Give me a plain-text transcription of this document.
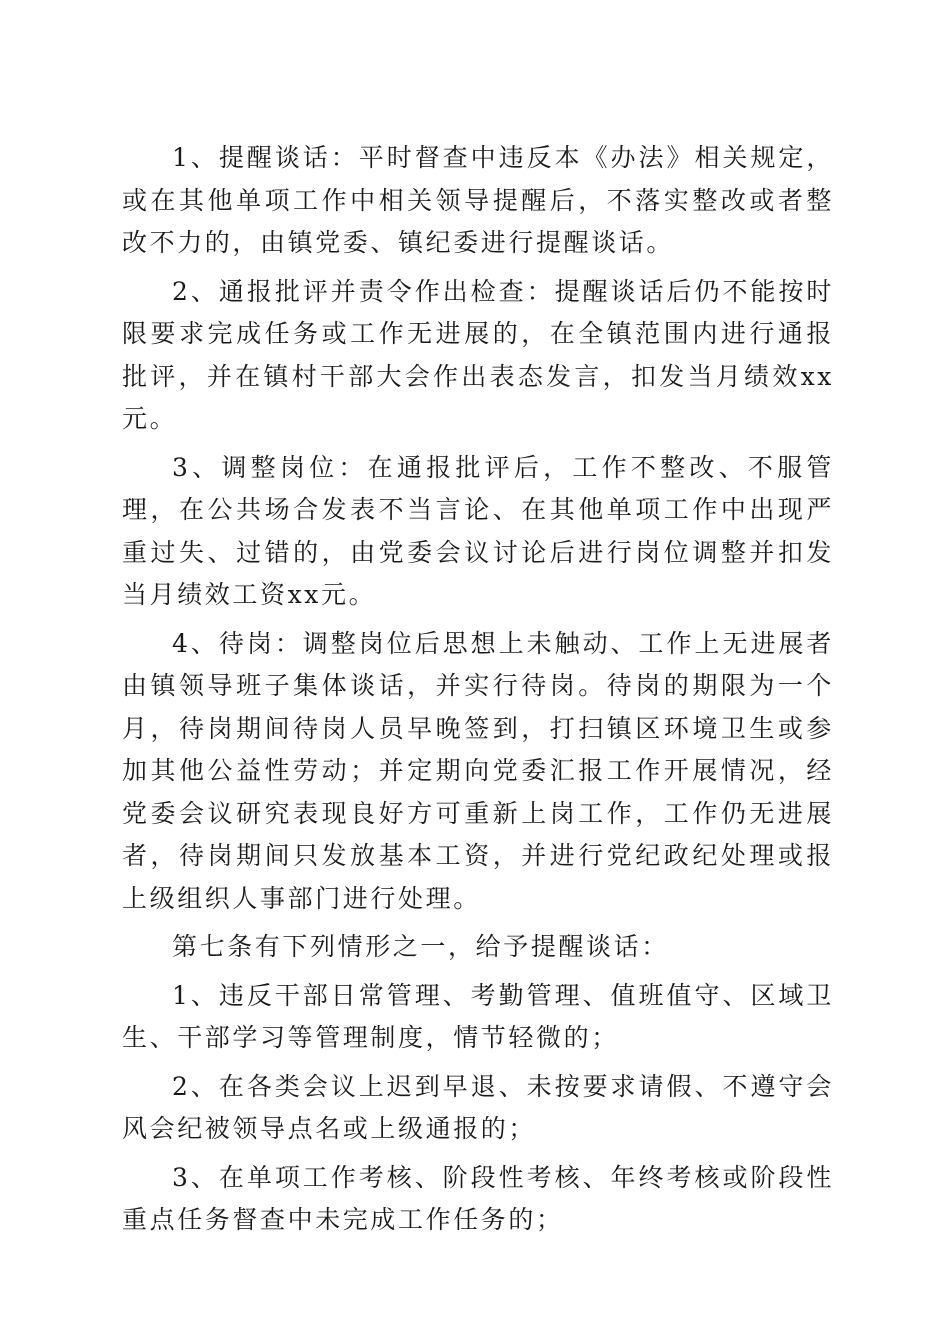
1、提醒谈话：平时督查中违反本《办法》相关规定，或在其他单项工作中相关领导提醒后，不落实整改或者整改不力的，由镇党委、镇纪委进行提醒谈话。

2、通报批评并责令作出检查：提醒谈话后仍不能按时限要求完成任务或工作无进展的，在全镇范围内进行通报批评，并在镇村干部大会作出表态发言，扣发当月绩效xx元。

3、调整岗位：在通报批评后，工作不整改、不服管理，在公共场合发表不当言论、在其他单项工作中出现严重过失、过错的，由党委会议讨论后进行岗位调整并扣发当月绩效工资xx元。

4、待岗：调整岗位后思想上未触动、工作上无进展者由镇领导班子集体谈话，并实行待岗。待岗的期限为一个月，待岗期间待岗人员早晚签到，打扫镇区环境卫生或参加其他公益性劳动；并定期向党委汇报工作开展情况，经党委会议研究表现良好方可重新上岗工作，工作仍无进展者，待岗期间只发放基本工资，并进行党纪政纪处理或报上级组织人事部门进行处理。

第七条有下列情形之一，给予提醒谈话：

1、违反干部日常管理、考勤管理、值班值守、区域卫生、干部学习等管理制度，情节轻微的；

2、在各类会议上迟到早退、未按要求请假、不遵守会风会纪被领导点名或上级通报的；

3、在单项工作考核、阶段性考核、年终考核或阶段性重点任务督查中未完成工作任务的；
